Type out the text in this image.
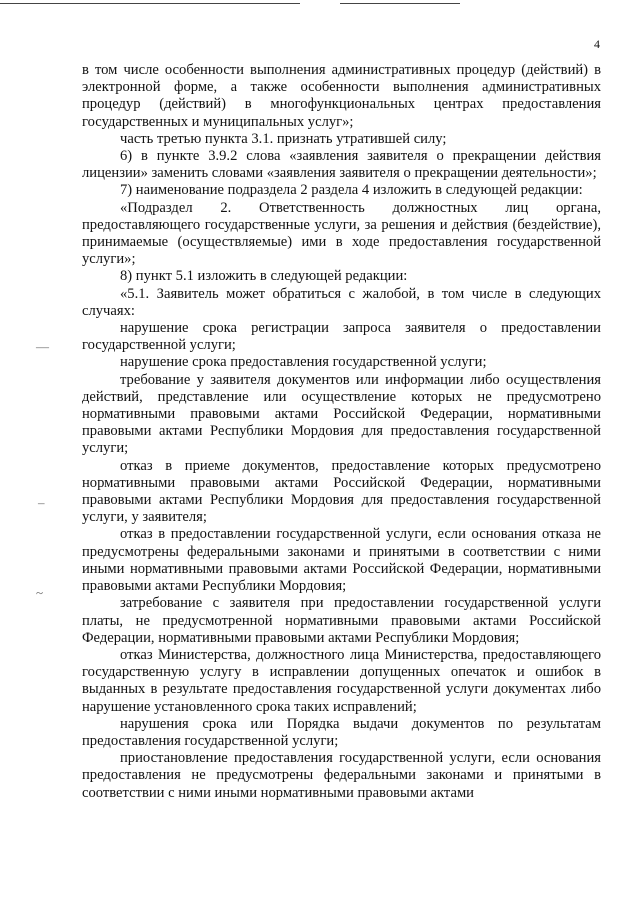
4
—
–
~

в том числе особенности выполнения административных процедур (действий) в электронной форме, а также особенности выполнения административных процедур (действий) в многофункциональных центрах предоставления государственных и муниципальных услуг»;

часть третью пункта 3.1. признать утратившей силу;

6) в пункте 3.9.2 слова «заявления заявителя о прекращении действия лицензии» заменить словами «заявления заявителя о прекращении деятельности»;

7) наименование подраздела 2 раздела 4 изложить в следующей редакции:

«Подраздел 2. Ответственность должностных лиц органа, предоставляющего государственные услуги, за решения и действия (бездействие), принимаемые (осуществляемые) ими в ходе предоставления государственной услуги»;

8) пункт 5.1 изложить в следующей редакции:

«5.1. Заявитель может обратиться с жалобой, в том числе в следующих случаях:

нарушение срока регистрации запроса заявителя о предоставлении государственной услуги;

нарушение срока предоставления государственной услуги;

требование у заявителя документов или информации либо осуществления действий, представление или осуществление которых не предусмотрено нормативными правовыми актами Российской Федерации, нормативными правовыми актами Республики Мордовия для предоставления государственной услуги;

отказ в приеме документов, предоставление которых предусмотрено нормативными правовыми актами Российской Федерации, нормативными правовыми актами Республики Мордовия для предоставления государственной услуги, у заявителя;

отказ в предоставлении государственной услуги, если основания отказа не предусмотрены федеральными законами и принятыми в соответствии с ними иными нормативными правовыми актами Российской Федерации, нормативными правовыми актами Республики Мордовия;

затребование с заявителя при предоставлении государственной услуги платы, не предусмотренной нормативными правовыми актами Российской Федерации, нормативными правовыми актами Республики Мордовия;

отказ Министерства, должностного лица Министерства, предоставляющего государственную услугу в исправлении допущенных опечаток и ошибок в выданных в результате предоставления государственной услуги документах либо нарушение установленного срока таких исправлений;

нарушения срока или Порядка выдачи документов по результатам предоставления государственной услуги;

приостановление предоставления государственной услуги, если основания предоставления не предусмотрены федеральными законами и принятыми в соответствии с ними иными нормативными правовыми актами
